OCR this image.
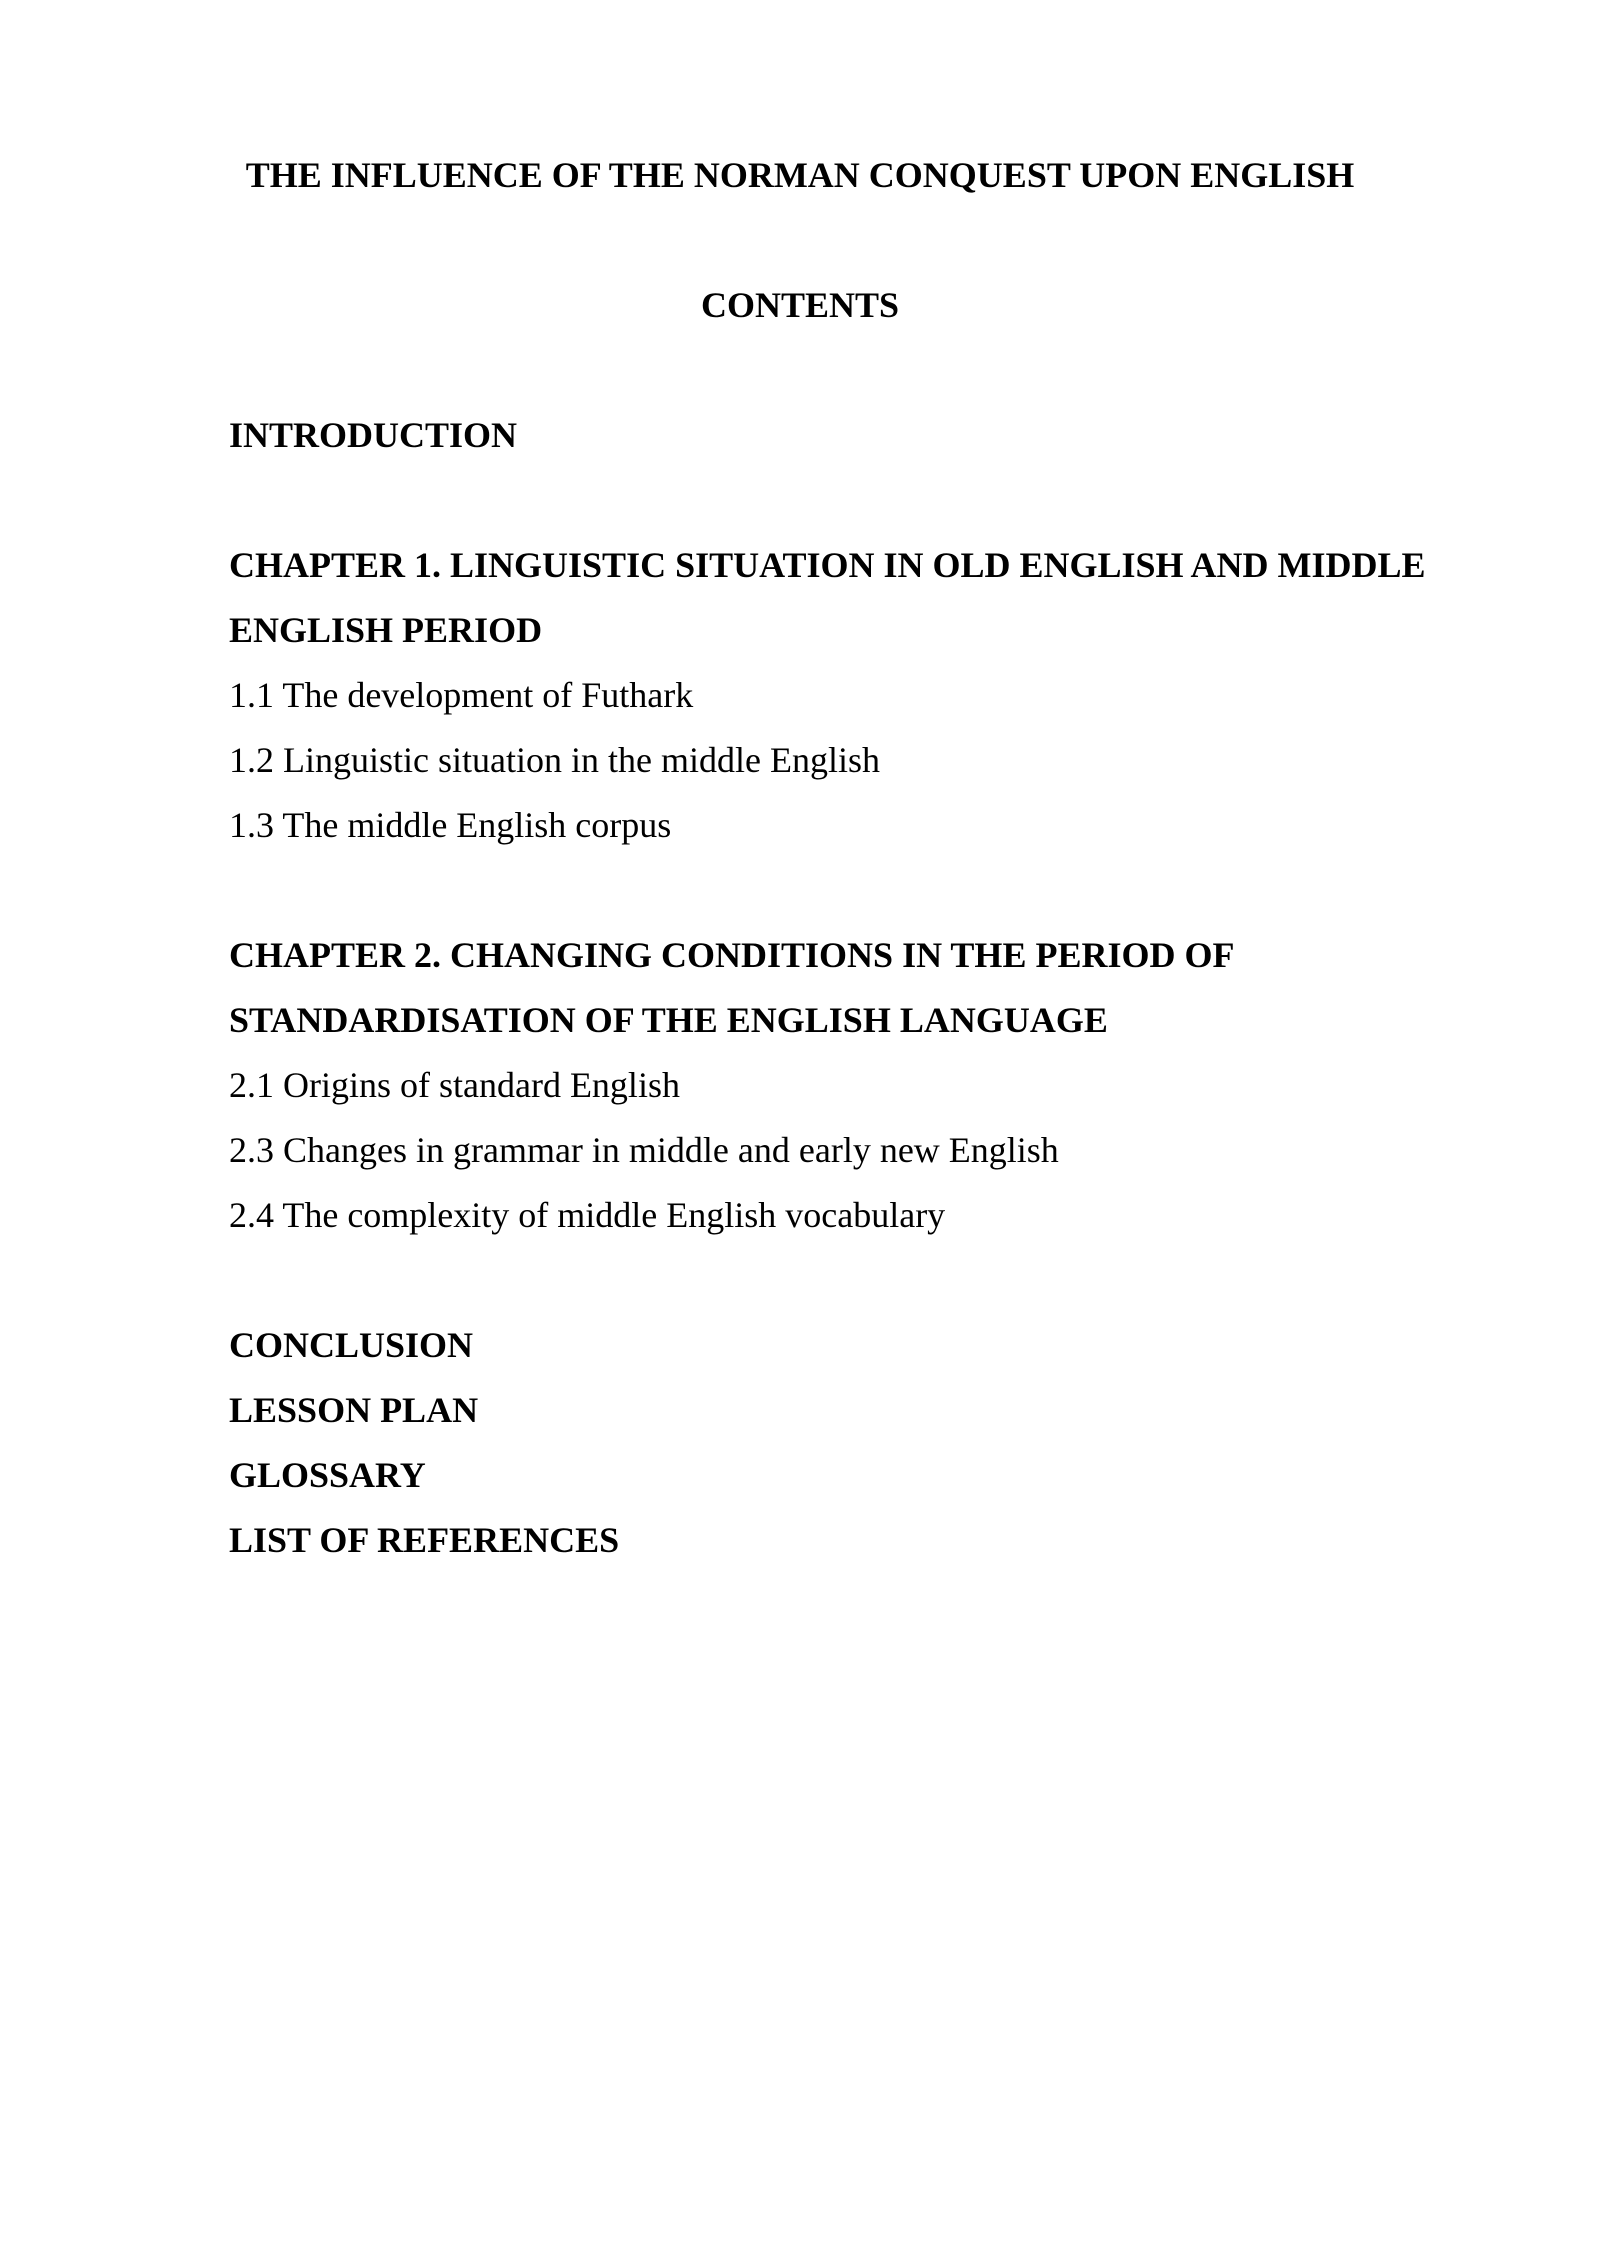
THE INFLUENCE OF THE NORMAN CONQUEST UPON ENGLISH
CONTENTS
INTRODUCTION
CHAPTER 1. LINGUISTIC SITUATION IN OLD ENGLISH AND MIDDLE
ENGLISH PERIOD
1.1 The development of Futhark
1.2 Linguistic situation in the middle English
1.3 The middle English corpus
CHAPTER 2. CHANGING CONDITIONS IN THE PERIOD OF
STANDARDISATION OF THE ENGLISH LANGUAGE
2.1 Origins of standard English
2.3 Changes in grammar in middle and early new English
2.4 The complexity of middle English vocabulary
CONCLUSION
LESSON PLAN
GLOSSARY
LIST OF REFERENCES
